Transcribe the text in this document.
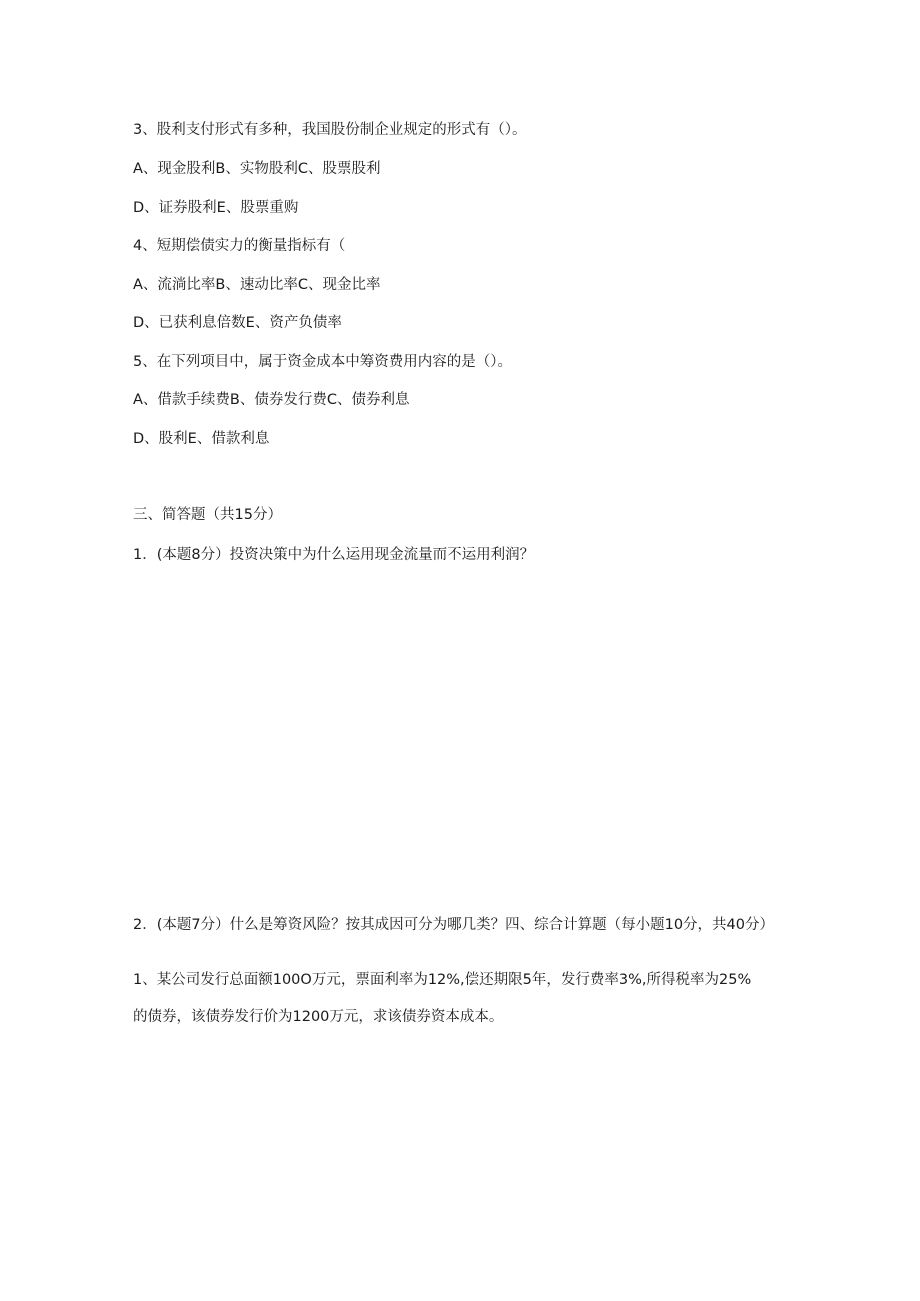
3、股利支付形式有多种，我国股份制企业规定的形式有（）。
A、现金股利B、实物股利C、股票股利
D、证券股利E、股票重购
4、短期偿债实力的衡量指标有（
A、流淌比率B、速动比率C、现金比率
D、已获利息倍数E、资产负债率
5、在下列项目中，属于资金成本中筹资费用内容的是（）。
A、借款手续费B、债券发行费C、债券利息
D、股利E、借款利息
三、简答题（共15分）
1．(本题8分）投资决策中为什么运用现金流量而不运用利润？
2．(本题7分）什么是筹资风险？按其成因可分为哪几类？四、综合计算题（每小题10分，共40分）
1、某公司发行总面额100O万元，票面利率为12%,偿还期限5年，发行费率3%,所得税率为25%
的债券，该债券发行价为1200万元，求该债券资本成本。
